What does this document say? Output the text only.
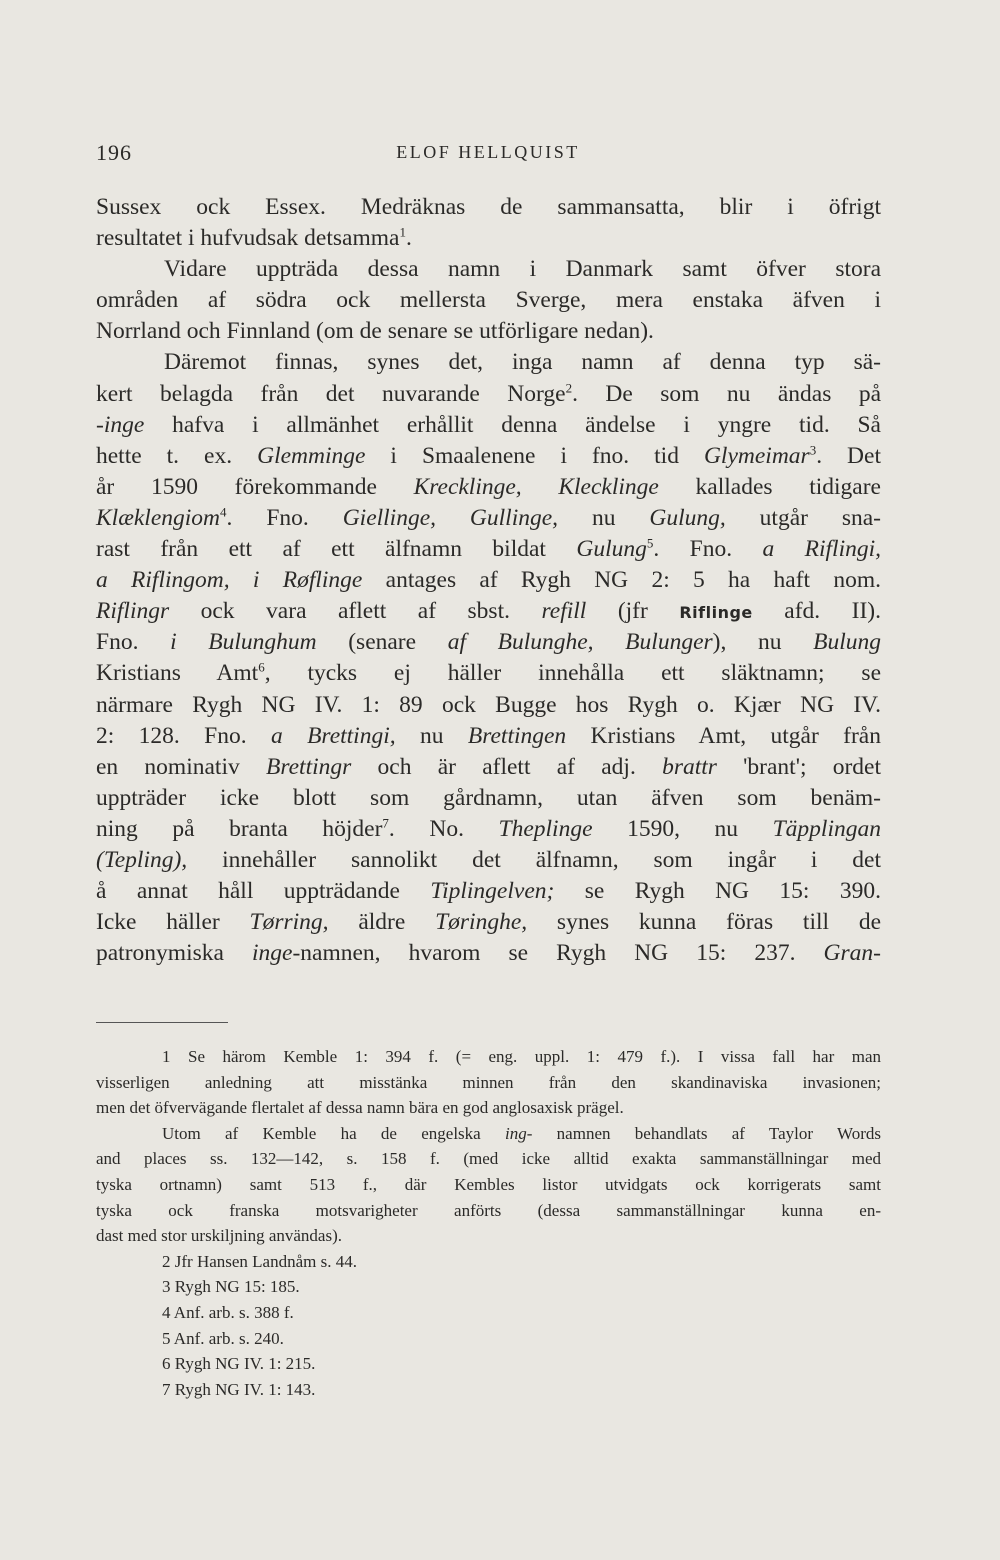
196	ELOF HELLQUIST
Sussex ock Essex. Medräknas de sammansatta, blir i öfrigt
resultatet i hufvudsak detsamma$^1$.
Vidare uppträda dessa namn i Danmark samt öfver stora
områden af södra ock mellersta Sverge, mera enstaka äfven i
Norrland och Finnland (om de senare se utförligare nedan).
Däremot finnas, synes det, inga namn af denna typ sä-
kert belagda från det nuvarande Norge$^2$. De som nu ändas på
-inge hafva i allmänhet erhållit denna ändelse i yngre tid. Så
hette t. ex. Glemminge i Smaalenene i fno. tid Glymeimar$^3$. Det
år 1590 förekommande Krecklinge, Klecklinge kallades tidigare
Klæklengiom$^4$. Fno. Giellinge, Gullinge, nu Gulung, utgår sna-
rast från ett af ett älfnamn bildat Gulung$^5$. Fno. a Riflingi,
a Riflingom, i Røflinge antages af Rygh NG 2: 5 ha haft nom.
Riflingr ock vara aflett af sbst. refill (jfr Riflinge afd. II).
Fno. i Bulunghum (senare af Bulunghe, Bulunger), nu Bulung
Kristians Amt$^6$, tycks ej häller innehålla ett släktnamn; se
närmare Rygh NG IV. 1: 89 ock Bugge hos Rygh o. Kjær NG IV.
2: 128. Fno. a Brettingi, nu Brettingen Kristians Amt, utgår från
en nominativ Brettingr och är aflett af adj. brattr 'brant'; ordet
uppträder icke blott som gårdnamn, utan äfven som benäm-
ning på branta höjder$^7$. No. Theplinge 1590, nu Täpplingan
(Tepling), innehåller sannolikt det älfnamn, som ingår i det
å annat håll uppträdande Tiplingelven; se Rygh NG 15: 390.
Icke häller Tørring, äldre Tøringhe, synes kunna föras till de
patronymiska inge-namnen, hvarom se Rygh NG 15: 237. Gran-
1 Se härom Kemble 1: 394 f. (= eng. uppl. 1: 479 f.). I vissa fall har man
visserligen anledning att misstänka minnen från den skandinaviska invasionen;
men det öfvervägande flertalet af dessa namn bära en god anglosaxisk prägel.
Utom af Kemble ha de engelska ing- namnen behandlats af Taylor Words
and places ss. 132—142, s. 158 f. (med icke alltid exakta sammanställningar med
tyska ortnamn) samt 513 f., där Kembles listor utvidgats ock korrigerats samt
tyska ock franska motsvarigheter anförts (dessa sammanställningar kunna en-
dast med stor urskiljning användas).
2 Jfr Hansen Landnåm s. 44.
3 Rygh NG 15: 185.
4 Anf. arb. s. 388 f.
5 Anf. arb. s. 240.
6 Rygh NG IV. 1: 215.
7 Rygh NG IV. 1: 143.
